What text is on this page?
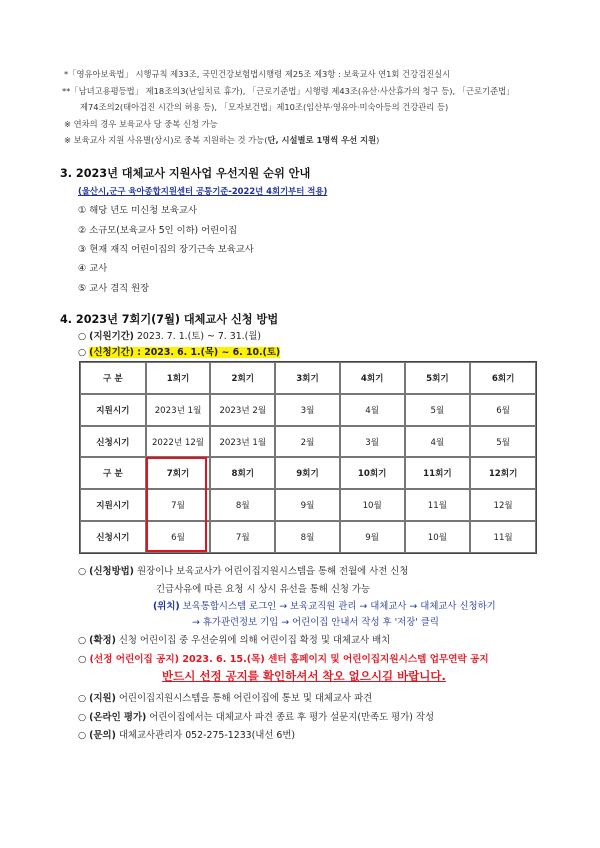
*「영유아보육법」 시행규칙 제33조, 국민건강보험법시행령 제25조 제3항 : 보육교사 연1회 건강검진실시
**「남녀고용평등법」 제18조의3(난임치료 휴가), 「근로기준법」시행령 제43조(유산·사산휴가의 청구 등), 「근로기준법」
제74조의2(태아검진 시간의 허용 등), 「모자보건법」제10조(임산부·영유아·미숙아등의 건강관리 등)
※ 연차의 경우 보육교사 당 중복 신청 가능
※ 보육교사 지원 사유별(상시)로 중복 지원하는 것 가능(단, 시설별로 1명씩 우선 지원)
3. 2023년 대체교사 지원사업 우선지원 순위 안내
(울산시,군구 육아종합지원센터 공통기준-2022년 4회기부터 적용)
① 해당 년도 미신청 보육교사
② 소규모(보육교사 5인 이하) 어린이집
③ 현재 재직 어린이집의 장기근속 보육교사
④ 교사
⑤ 교사 겸직 원장
4. 2023년 7회기(7월) 대체교사 신청 방법
○ (지원기간) 2023. 7. 1.(토) ~ 7. 31.(월)
○ (신청기간) : 2023. 6. 1.(목) ~ 6. 10.(토)
구 분	1회기	2회기	3회기	4회기	5회기	6회기
지원시기	2023년 1월	2023년 2월	3월	4월	5월	6월
신청시기	2022년 12월	2023년 1월	2월	3월	4월	5월
구 분	7회기	8회기	9회기	10회기	11회기	12회기
지원시기	7월	8월	9월	10월	11월	12월
신청시기	6월	7월	8월	9월	10월	11월
○ (신청방법) 원장이나 보육교사가 어린이집지원시스템을 통해 전월에 사전 신청
긴급사유에 따른 요청 시 상시 유선을 통해 신청 가능
(위치) 보육통합시스템 로그인 → 보육교직원 관리 → 대체교사 → 대체교사 신청하기
→ 휴가관련정보 기입 → 어린이집 안내서 작성 후 '저장' 클릭
○ (확정) 신청 어린이집 중 우선순위에 의해 어린이집 확정 및 대체교사 배치
○ (선정 어린이집 공지) 2023. 6. 15.(목) 센터 홈페이지 및 어린이집지원시스템 업무연락 공지
반드시 선정 공지를 확인하셔서 착오 없으시길 바랍니다.
○ (지원) 어린이집지원시스템을 통해 어린이집에 통보 및 대체교사 파견
○ (온라인 평가) 어린이집에서는 대체교사 파견 종료 후 평가 설문지(만족도 평가) 작성
○ (문의) 대체교사관리자 052-275-1233(내선 6번)
